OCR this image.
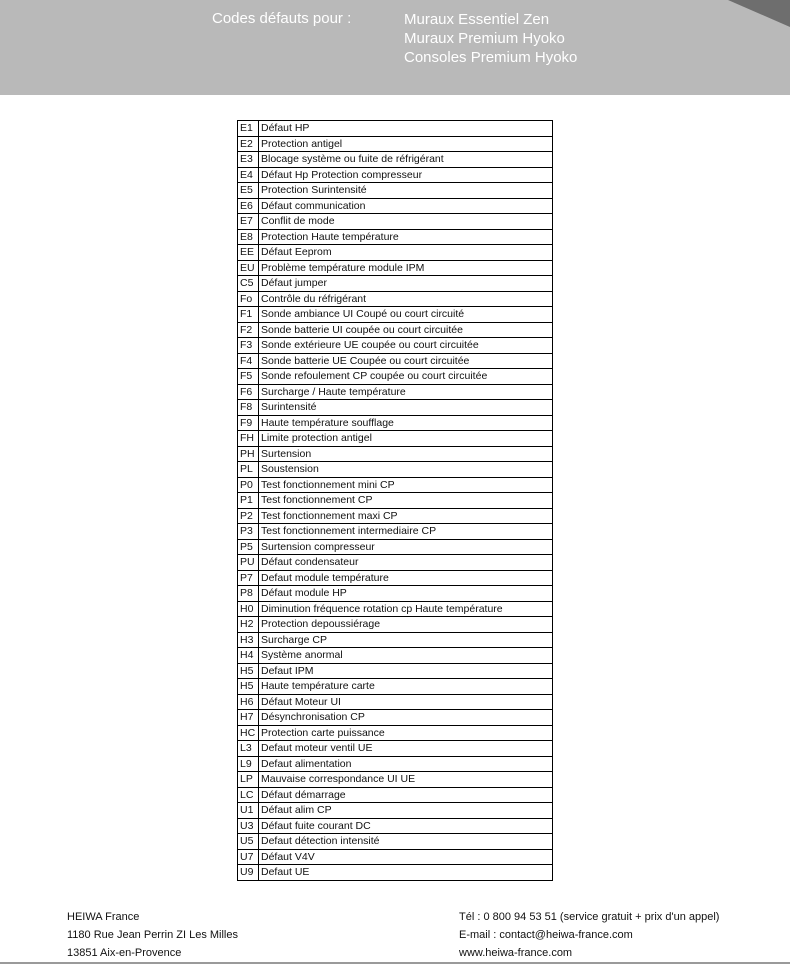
Codes défauts pour :	Muraux Essentiel Zen
Muraux Premium Hyoko
Consoles Premium Hyoko
E1	Défaut HP
E2	Protection antigel
E3	Blocage système ou fuite de réfrigérant
E4	Défaut Hp Protection compresseur
E5	Protection Surintensité
E6	Défaut communication
E7	Conflit de mode
E8	Protection Haute température
EE	Défaut Eeprom
EU	Problème température module IPM
C5	Défaut jumper
Fo	Contrôle du réfrigérant
F1	Sonde ambiance UI Coupé ou court circuité
F2	Sonde batterie UI coupée ou court circuitée
F3	Sonde extérieure UE coupée ou court circuitée
F4	Sonde batterie UE Coupée ou court circuitée
F5	Sonde refoulement CP coupée ou court circuitée
F6	Surcharge / Haute température
F8	Surintensité
F9	Haute température soufflage
FH	Limite protection antigel
PH	Surtension
PL	Soustension
P0	Test fonctionnement mini CP
P1	Test fonctionnement CP
P2	Test fonctionnement maxi CP
P3	Test fonctionnement intermediaire CP
P5	Surtension compresseur
PU	Défaut condensateur
P7	Defaut module température
P8	Défaut module HP
H0	Diminution fréquence rotation cp Haute température
H2	Protection depoussiérage
H3	Surcharge CP
H4	Système anormal
H5	Defaut IPM
H5	Haute température carte
H6	Défaut Moteur UI
H7	Désynchronisation CP
HC	Protection carte puissance
L3	Defaut moteur ventil UE
L9	Defaut alimentation
LP	Mauvaise correspondance UI UE
LC	Défaut démarrage
U1	Défaut alim CP
U3	Défaut fuite courant DC
U5	Defaut détection intensité
U7	Défaut V4V
U9	Defaut UE
HEIWA France
1180 Rue Jean Perrin ZI Les Milles
13851 Aix-en-Provence
Tél : 0 800 94 53 51 (service gratuit + prix d'un appel)
E-mail : contact@heiwa-france.com
www.heiwa-france.com
